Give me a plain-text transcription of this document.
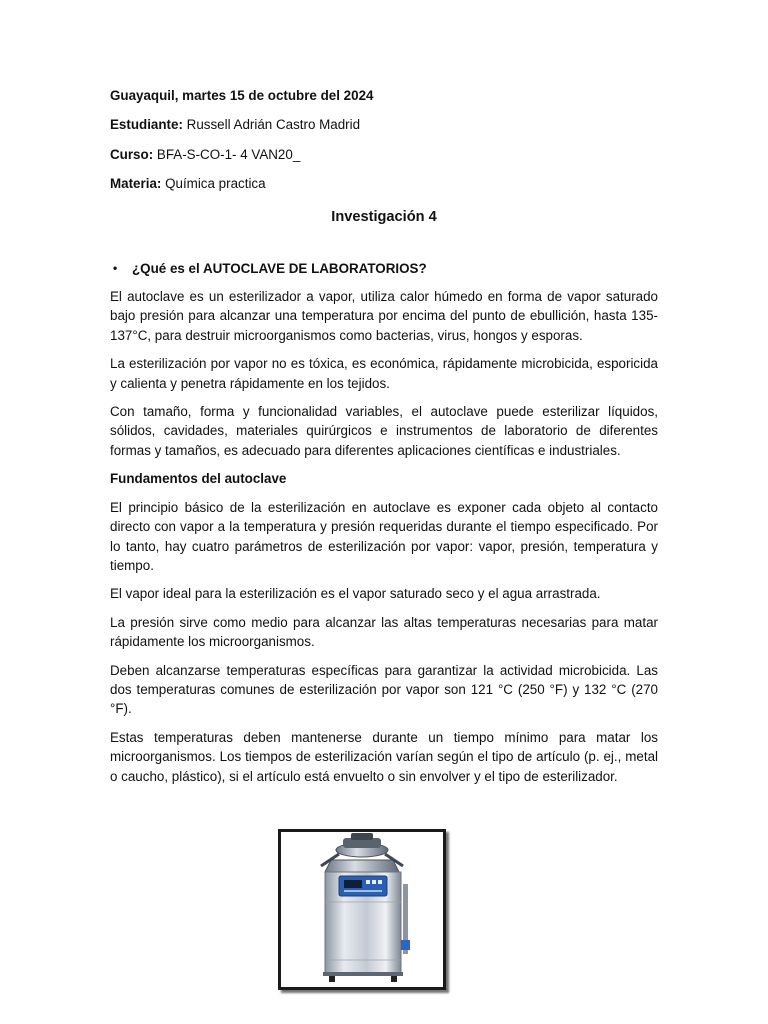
Guayaquil, martes 15 de octubre del 2024

Estudiante: Russell Adrián Castro Madrid

Curso: BFA-S-CO-1- 4 VAN20_

Materia: Química practica

Investigación 4
•	¿Qué es el AUTOCLAVE DE LABORATORIOS?

El autoclave es un esterilizador a vapor, utiliza calor húmedo en forma de vapor saturado bajo presión para alcanzar una temperatura por encima del punto de ebullición, hasta 135-137°C, para destruir microorganismos como bacterias, virus, hongos y esporas.

La esterilización por vapor no es tóxica, es económica, rápidamente microbicida, esporicida y calienta y penetra rápidamente en los tejidos.

Con tamaño, forma y funcionalidad variables, el autoclave puede esterilizar líquidos, sólidos, cavidades, materiales quirúrgicos e instrumentos de laboratorio de diferentes formas y tamaños, es adecuado para diferentes aplicaciones científicas e industriales.

Fundamentos del autoclave

El principio básico de la esterilización en autoclave es exponer cada objeto al contacto directo con vapor a la temperatura y presión requeridas durante el tiempo especificado. Por lo tanto, hay cuatro parámetros de esterilización por vapor: vapor, presión, temperatura y tiempo.

El vapor ideal para la esterilización es el vapor saturado seco y el agua arrastrada.

La presión sirve como medio para alcanzar las altas temperaturas necesarias para matar rápidamente los microorganismos.

Deben alcanzarse temperaturas específicas para garantizar la actividad microbicida. Las dos temperaturas comunes de esterilización por vapor son 121 °C (250 °F) y 132 °C (270 °F).

Estas temperaturas deben mantenerse durante un tiempo mínimo para matar los microorganismos. Los tiempos de esterilización varían según el tipo de artículo (p. ej., metal o caucho, plástico), si el artículo está envuelto o sin envolver y el tipo de esterilizador.
